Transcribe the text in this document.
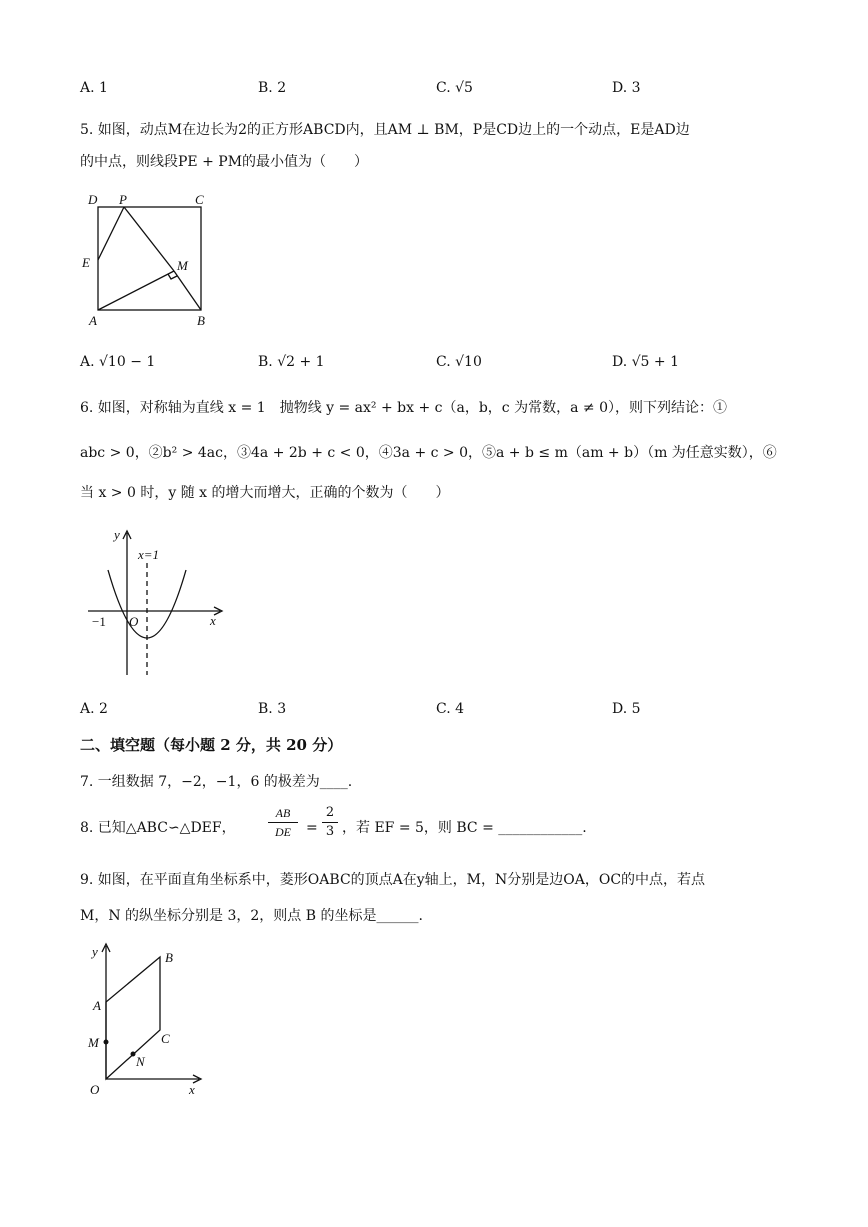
A. 1	B. 2	C. √5	D. 3
5. 如图，动点M在边长为2的正方形ABCD内，且AM ⊥ BM，P是CD边上的一个动点，E是AD边
的中点，则线段PE + PM的最小值为（　　）
D P	C
E	M
A	B
A. √10 − 1	B. √2 + 1	C. √10	D. √5 + 1
6. 如图，对称轴为直线 x = 1　抛物线 y = ax² + bx + c（a，b，c 为常数，a ≠ 0），则下列结论：①
abc > 0，②b² > 4ac，③4a + 2b + c < 0，④3a + c > 0，⑤a + b ≤ m（am + b）（m 为任意实数），⑥
当 x > 0 时，y 随 x 的增大而增大，正确的个数为（　　）
y
x
x=1
−1 O
A. 2	B. 3	C. 4	D. 5
二、填空题（每小题 2 分，共 20 分）
7. 一组数据 7，−2，−1，6 的极差为____.
8. 已知△ABC∽△DEF，	$\frac{AB}{DE} = \frac{2}{3}$ ，若 EF = 5，则 BC = ____________.
9. 如图，在平面直角坐标系中，菱形OABC的顶点A在y轴上，M，N分别是边OA，OC的中点，若点
M，N 的纵坐标分别是 3，2，则点 B 的坐标是______.
y
x
O
A
B
C
M
N
